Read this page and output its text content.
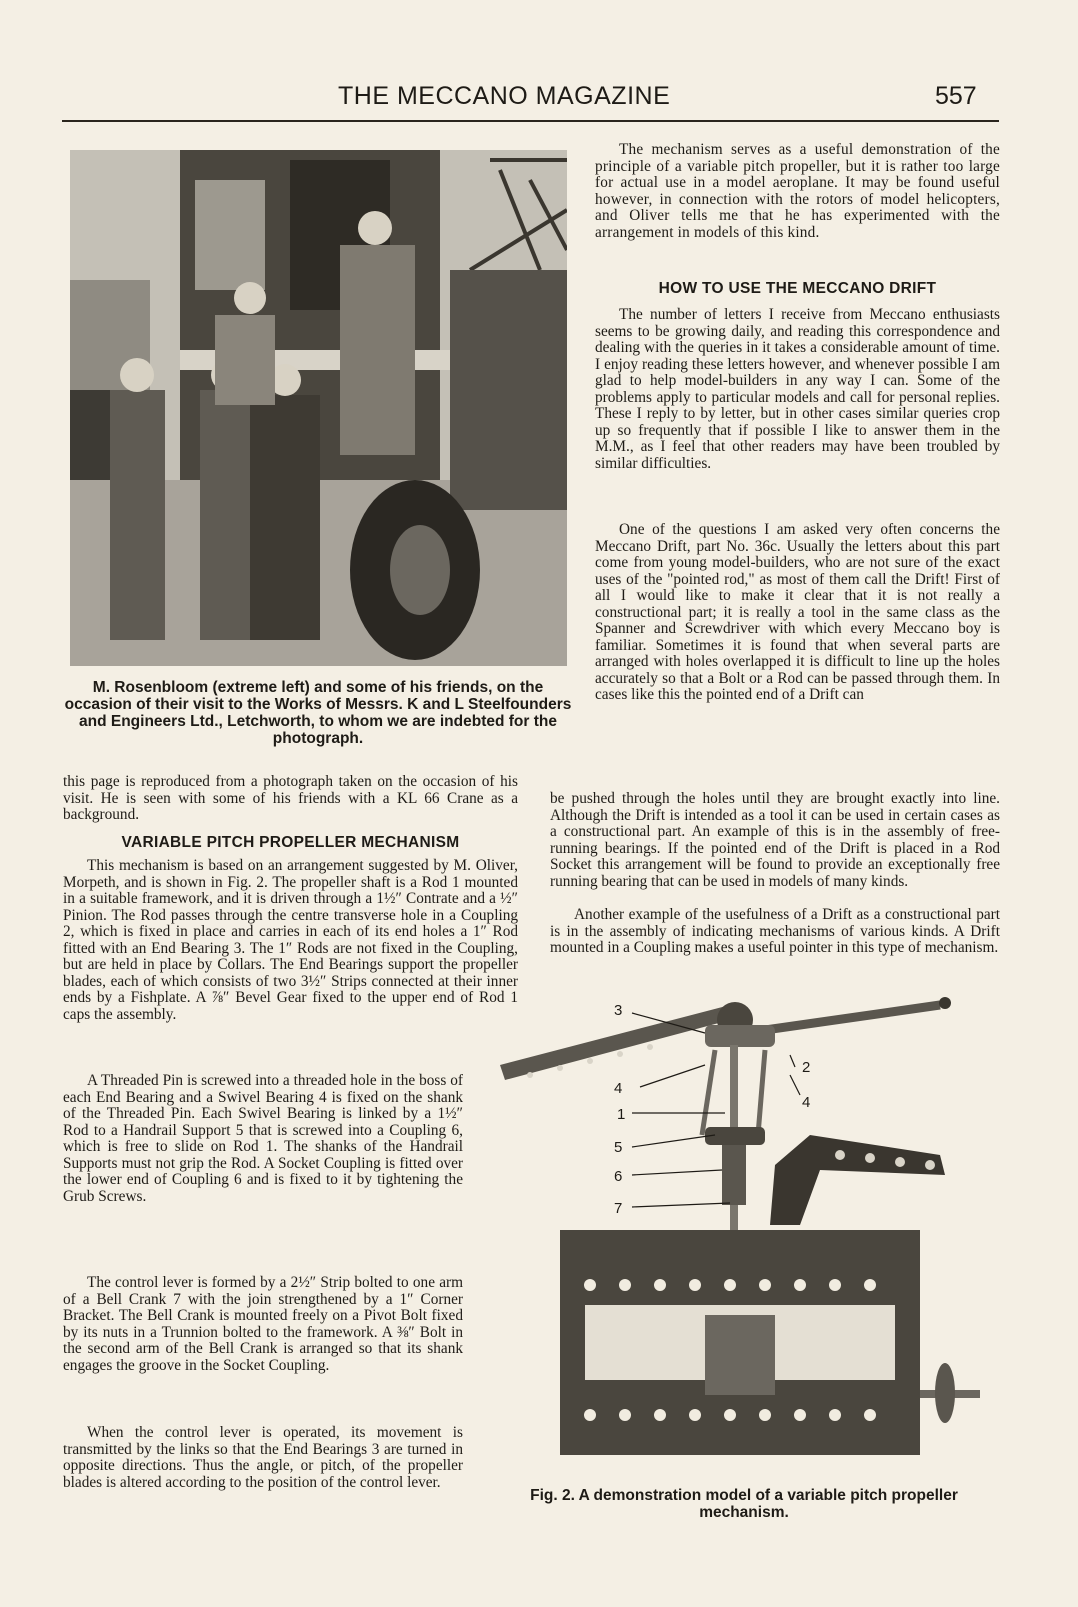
THE MECCANO MAGAZINE	557
M. Rosenbloom (extreme left) and some of his friends, on the occasion of their visit to the Works of Messrs. K and L Steelfounders and Engineers Ltd., Letchworth, to whom we are indebted for the photograph.

The mechanism serves as a useful demonstration of the principle of a variable pitch propeller, but it is rather too large for actual use in a model aeroplane. It may be found useful however, in connection with the rotors of model helicopters, and Oliver tells me that he has experimented with the arrangement in models of this kind.

HOW TO USE THE MECCANO DRIFT

The number of letters I receive from Meccano enthusiasts seems to be growing daily, and reading this correspondence and dealing with the queries in it takes a considerable amount of time. I enjoy reading these letters however, and whenever possible I am glad to help model-builders in any way I can. Some of the problems apply to particular models and call for personal replies. These I reply to by letter, but in other cases similar queries crop up so frequently that if possible I like to answer them in the M.M., as I feel that other readers may have been troubled by similar difficulties.

One of the questions I am asked very often concerns the Meccano Drift, part No. 36c. Usually the letters about this part come from young model-builders, who are not sure of the exact uses of the "pointed rod," as most of them call the Drift! First of all I would like to make it clear that it is not really a constructional part; it is really a tool in the same class as the Spanner and Screwdriver with which every Meccano boy is familiar. Sometimes it is found that when several parts are arranged with holes overlapped it is difficult to line up the holes accurately so that a Bolt or a Rod can be passed through them. In cases like this the pointed end of a Drift can

this page is reproduced from a photograph taken on the occasion of his visit. He is seen with some of his friends with a KL 66 Crane as a background.

VARIABLE PITCH PROPELLER MECHANISM

This mechanism is based on an arrangement suggested by M. Oliver, Morpeth, and is shown in Fig. 2. The propeller shaft is a Rod 1 mounted in a suitable framework, and it is driven through a 1½″ Contrate and a ½″ Pinion. The Rod passes through the centre transverse hole in a Coupling 2, which is fixed in place and carries in each of its end holes a 1″ Rod fitted with an End Bearing 3. The 1″ Rods are not fixed in the Coupling, but are held in place by Collars. The End Bearings support the propeller blades, each of which consists of two 3½″ Strips connected at their inner ends by a Fishplate. A ⅞″ Bevel Gear fixed to the upper end of Rod 1 caps the assembly.

A Threaded Pin is screwed into a threaded hole in the boss of each End Bearing and a Swivel Bearing 4 is fixed on the shank of the Threaded Pin. Each Swivel Bearing is linked by a 1½″ Rod to a Handrail Support 5 that is screwed into a Coupling 6, which is free to slide on Rod 1. The shanks of the Handrail Supports must not grip the Rod. A Socket Coupling is fitted over the lower end of Coupling 6 and is fixed to it by tightening the Grub Screws.

The control lever is formed by a 2½″ Strip bolted to one arm of a Bell Crank 7 with the join strengthened by a 1″ Corner Bracket. The Bell Crank is mounted freely on a Pivot Bolt fixed by its nuts in a Trunnion bolted to the framework. A ⅜″ Bolt in the second arm of the Bell Crank is arranged so that its shank engages the groove in the Socket Coupling.

When the control lever is operated, its movement is transmitted by the links so that the End Bearings 3 are turned in opposite directions. Thus the angle, or pitch, of the propeller blades is altered according to the position of the control lever.

be pushed through the holes until they are brought exactly into line. Although the Drift is intended as a tool it can be used in certain cases as a constructional part. An example of this is in the assembly of free-running bearings. If the pointed end of the Drift is placed in a Rod Socket this arrangement will be found to provide an exceptionally free running bearing that can be used in models of many kinds.

Another example of the usefulness of a Drift as a constructional part is in the assembly of indicating mechanisms of various kinds. A Drift mounted in a Coupling makes a useful pointer in this type of mechanism.

3
2
4
4
1
5
6
7
Fig. 2. A demonstration model of a variable pitch propeller mechanism.
